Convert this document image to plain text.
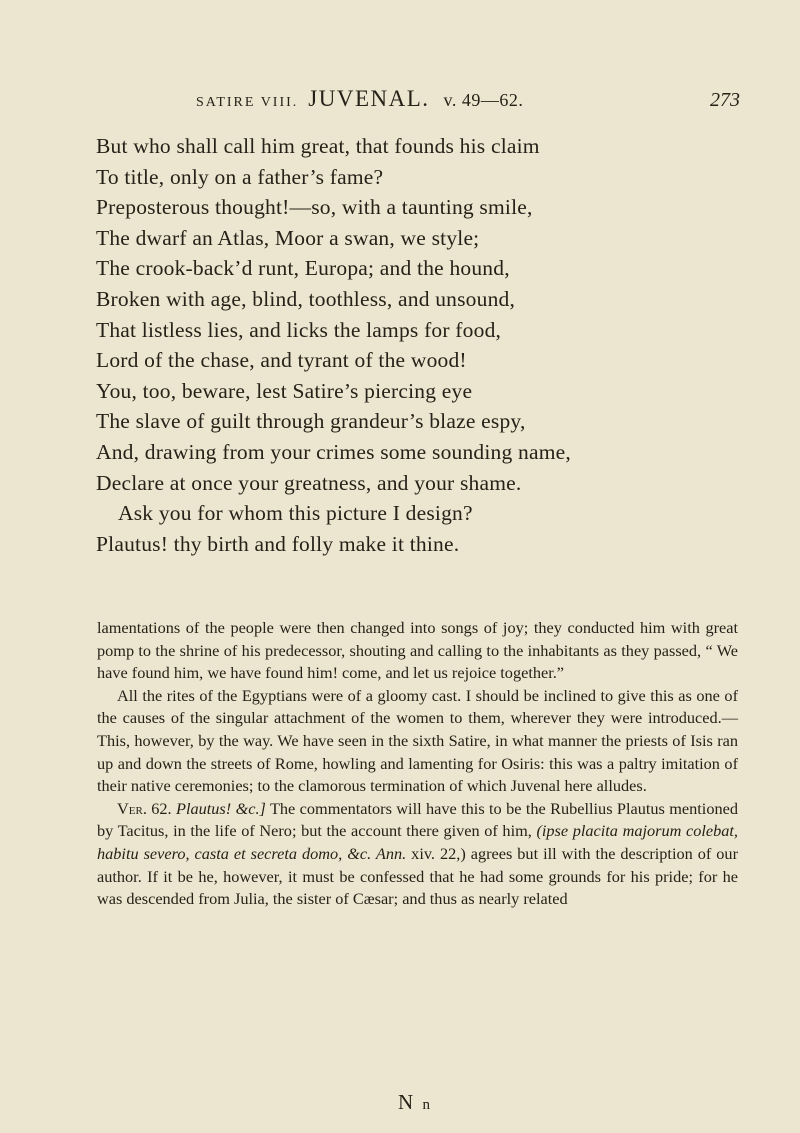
SATIRE VIII. JUVENAL. v. 49—62.	273
But who shall call him great, that founds his claim
To title, only on a father’s fame?
Preposterous thought!—so, with a taunting smile,
The dwarf an Atlas, Moor a swan, we style;
The crook-back’d runt, Europa; and the hound,
Broken with age, blind, toothless, and unsound,
That listless lies, and licks the lamps for food,
Lord of the chase, and tyrant of the wood!
You, too, beware, lest Satire’s piercing eye
The slave of guilt through grandeur’s blaze espy,
And, drawing from your crimes some sounding name,
Declare at once your greatness, and your shame.
Ask you for whom this picture I design?
Plautus! thy birth and folly make it thine.

lamentations of the people were then changed into songs of joy; they conducted him with great pomp to the shrine of his predecessor, shouting and calling to the inhabitants as they passed, “ We have found him, we have found him! come, and let us rejoice together.”

All the rites of the Egyptians were of a gloomy cast. I should be inclined to give this as one of the causes of the singular attachment of the women to them, wherever they were introduced.—This, however, by the way. We have seen in the sixth Satire, in what manner the priests of Isis ran up and down the streets of Rome, howling and lamenting for Osiris: this was a paltry imitation of their native ceremonies; to the clamorous termination of which Juvenal here alludes.

Ver. 62. Plautus! &c.] The commentators will have this to be the Rubellius Plautus mentioned by Tacitus, in the life of Nero; but the account there given of him, (ipse placita majorum colebat, habitu severo, casta et secreta domo, &c. Ann. xiv. 22,) agrees but ill with the description of our author. If it be he, however, it must be confessed that he had some grounds for his pride; for he was descended from Julia, the sister of Cæsar; and thus as nearly related

N n
